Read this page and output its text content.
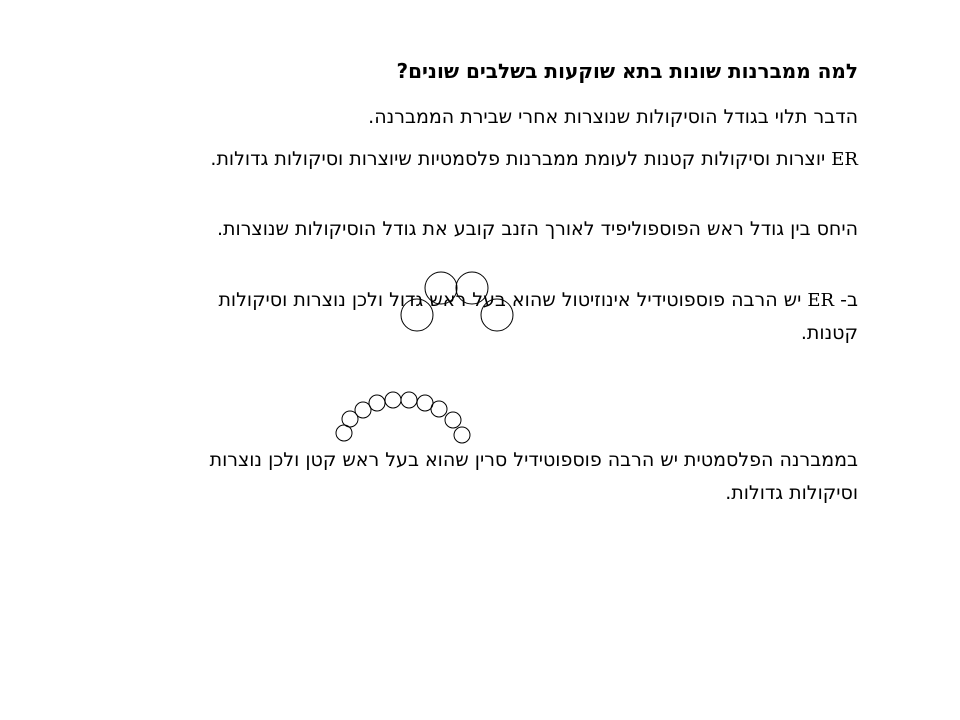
למה ממברנות שונות בתא שוקעות בשלבים שונים?
הדבר תלוי בגודל הוסיקולות שנוצרות אחרי שבירת הממברנה.
ER יוצרות וסיקולות קטנות לעומת ממברנות פלסמטיות שיוצרות וסיקולות גדולות.
היחס בין גודל ראש הפוספוליפיד לאורך הזנב קובע את גודל הוסיקולות שנוצרות.
ב- ER יש הרבה פוספוטידיל אינוזיטול שהוא בעל ראש גדול ולכן נוצרות וסיקולות קטנות.
בממברנה הפלסמטית יש הרבה פוספוטידיל סרין שהוא בעל ראש קטן ולכן נוצרות וסיקולות גדולות.
